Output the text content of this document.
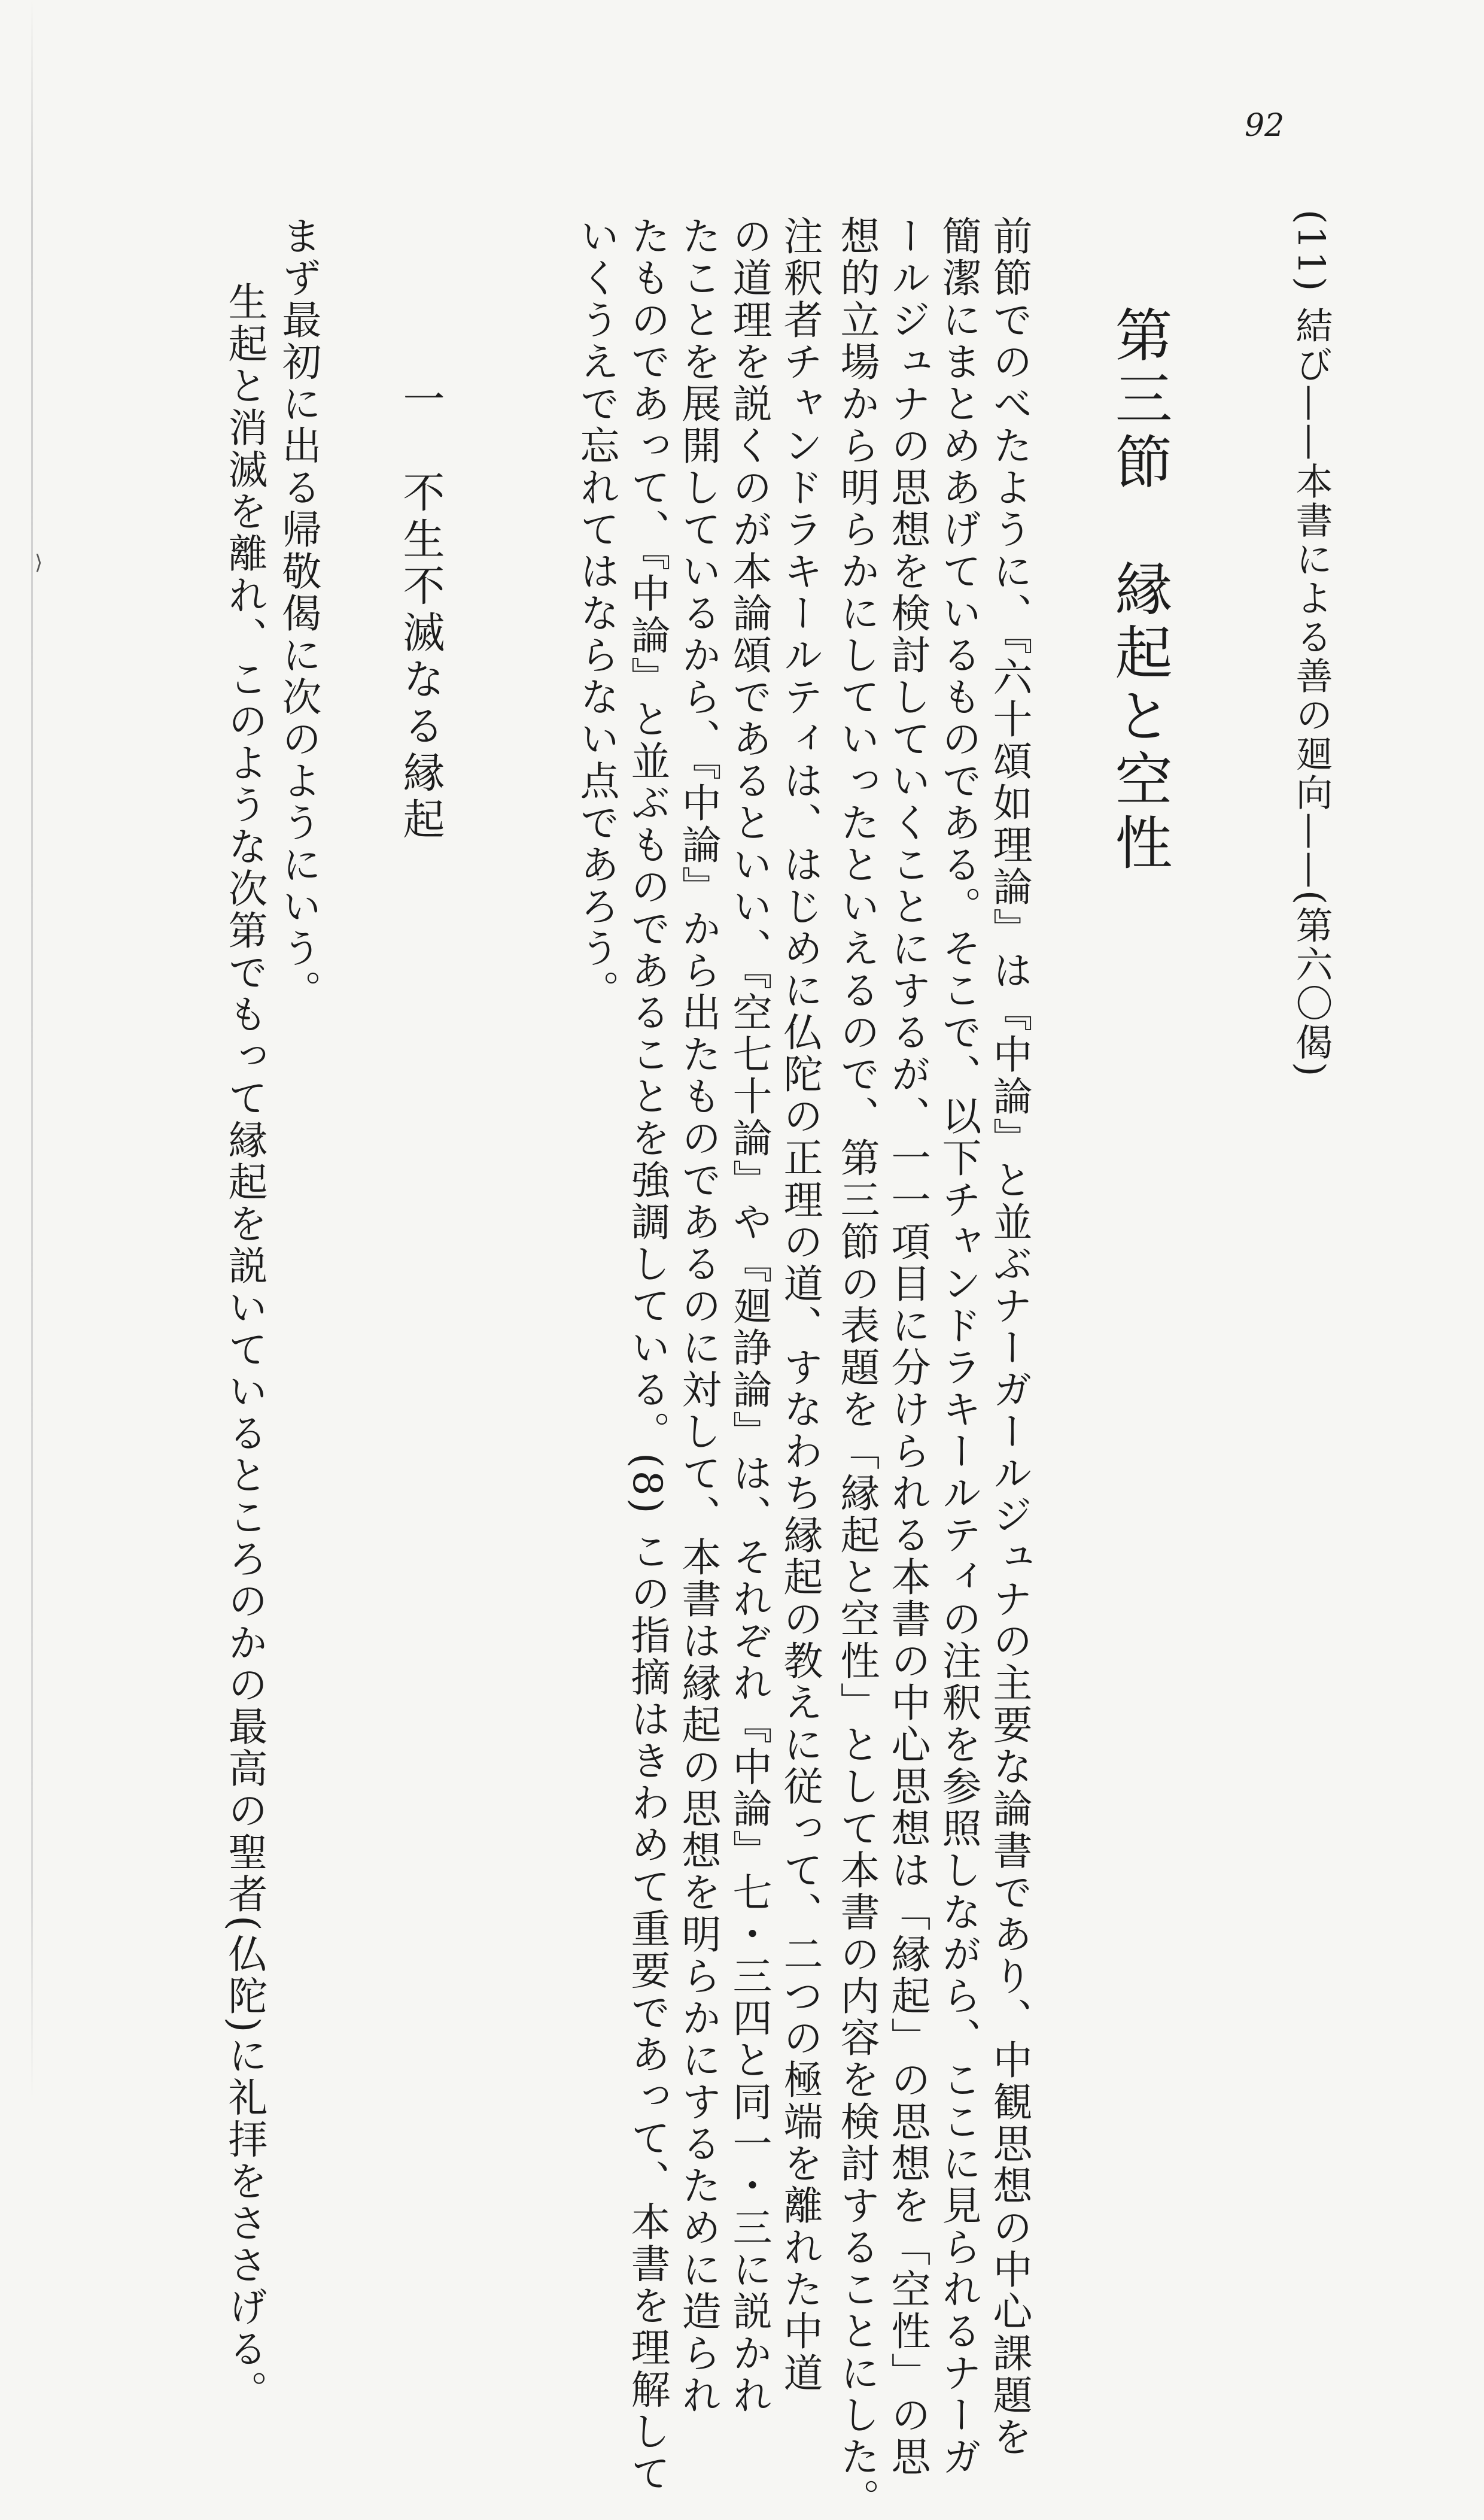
⟩
92
(11) 結び——本書による善の廻向——(第六〇偈)
第三節　縁起と空性
前節でのべたように、『六十頌如理論』は『中論』と並ぶナーガールジュナの主要な論書であり、中観思想の中心課題を
簡潔にまとめあげているものである。そこで、以下チャンドラキールティの注釈を参照しながら、ここに見られるナーガ
ールジュナの思想を検討していくことにするが、一一項目に分けられる本書の中心思想は「縁起」の思想を「空性」の思
想的立場から明らかにしていったといえるので、第三節の表題を「縁起と空性」として本書の内容を検討することにした。
注釈者チャンドラキールティは、はじめに仏陀の正理の道、すなわち縁起の教えに従って、二つの極端を離れた中道
の道理を説くのが本論頌であるといい、『空七十論』や『廻諍論』は、それぞれ『中論』七・三四と同一・三に説かれ
たことを展開しているから、『中論』から出たものであるのに対して、本書は縁起の思想を明らかにするために造られ
たものであって、『中論』と並ぶものであることを強調している。(8) この指摘はきわめて重要であって、本書を理解して
いくうえで忘れてはならない点であろう。
一　不生不滅なる縁起
まず最初に出る帰敬偈に次のようにいう。
生起と消滅を離れ、このような次第でもって縁起を説いているところのかの最高の聖者(仏陀)に礼拝をささげる。
